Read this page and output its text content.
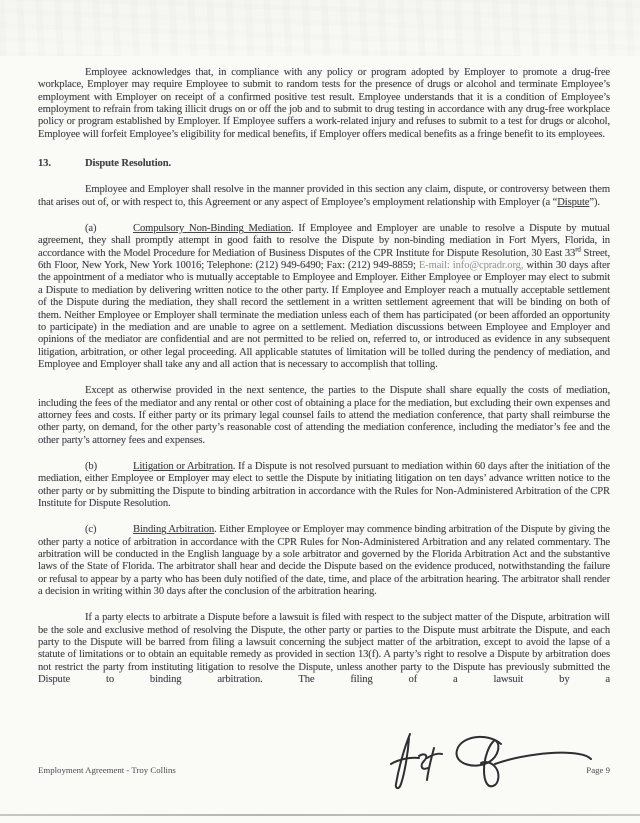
Employee acknowledges that, in compliance with any policy or program adopted by Employer to promote a drug-free workplace, Employer may require Employee to submit to random tests for the presence of drugs or alcohol and terminate Employee’s employment with Employer on receipt of a confirmed positive test result. Employee understands that it is a condition of Employee’s employment to refrain from taking illicit drugs on or off the job and to submit to drug testing in accordance with any drug-free workplace policy or program established by Employer. If Employee suffers a work-related injury and refuses to submit to a test for drugs or alcohol, Employee will forfeit Employee’s eligibility for medical benefits, if Employer offers medical benefits as a fringe benefit to its employees.

13.	Dispute Resolution.

Employee and Employer shall resolve in the manner provided in this section any claim, dispute, or controversy between them that arises out of, or with respect to, this Agreement or any aspect of Employee’s employment relationship with Employer (a “Dispute”).

(a)	Compulsory Non-Binding Mediation. If Employee and Employer are unable to resolve a Dispute by mutual agreement, they shall promptly attempt in good faith to resolve the Dispute by non-binding mediation in Fort Myers, Florida, in accordance with the Model Procedure for Mediation of Business Disputes of the CPR Institute for Dispute Resolution, 30 East 33rd Street, 6th Floor, New York, New York 10016; Telephone: (212) 949-6490; Fax: (212) 949-8859; E-mail: info@cpradr.org, within 30 days after the appointment of a mediator who is mutually acceptable to Employee and Employer. Either Employee or Employer may elect to submit a Dispute to mediation by delivering written notice to the other party. If Employee and Employer reach a mutually acceptable settlement of the Dispute during the mediation, they shall record the settlement in a written settlement agreement that will be binding on both of them. Neither Employee or Employer shall terminate the mediation unless each of them has participated (or been afforded an opportunity to participate) in the mediation and are unable to agree on a settlement. Mediation discussions between Employee and Employer and opinions of the mediator are confidential and are not permitted to be relied on, referred to, or introduced as evidence in any subsequent litigation, arbitration, or other legal proceeding. All applicable statutes of limitation will be tolled during the pendency of mediation, and Employee and Employer shall take any and all action that is necessary to accomplish that tolling.

Except as otherwise provided in the next sentence, the parties to the Dispute shall share equally the costs of mediation, including the fees of the mediator and any rental or other cost of obtaining a place for the mediation, but excluding their own expenses and attorney fees and costs. If either party or its primary legal counsel fails to attend the mediation conference, that party shall reimburse the other party, on demand, for the other party’s reasonable cost of attending the mediation conference, including the mediator’s fee and the other party’s attorney fees and expenses.

(b)	Litigation or Arbitration. If a Dispute is not resolved pursuant to mediation within 60 days after the initiation of the mediation, either Employee or Employer may elect to settle the Dispute by initiating litigation on ten days’ advance written notice to the other party or by submitting the Dispute to binding arbitration in accordance with the Rules for Non-Administered Arbitration of the CPR Institute for Dispute Resolution.

(c)	Binding Arbitration. Either Employee or Employer may commence binding arbitration of the Dispute by giving the other party a notice of arbitration in accordance with the CPR Rules for Non-Administered Arbitration and any related commentary. The arbitration will be conducted in the English language by a sole arbitrator and governed by the Florida Arbitration Act and the substantive laws of the State of Florida. The arbitrator shall hear and decide the Dispute based on the evidence produced, notwithstanding the failure or refusal to appear by a party who has been duly notified of the date, time, and place of the arbitration hearing. The arbitrator shall render a decision in writing within 30 days after the conclusion of the arbitration hearing.

If a party elects to arbitrate a Dispute before a lawsuit is filed with respect to the subject matter of the Dispute, arbitration will be the sole and exclusive method of resolving the Dispute, the other party or parties to the Dispute must arbitrate the Dispute, and each party to the Dispute will be barred from filing a lawsuit concerning the subject matter of the arbitration, except to avoid the lapse of a statute of limitations or to obtain an equitable remedy as provided in section 13(f). A party’s right to resolve a Dispute by arbitration does not restrict the party from instituting litigation to resolve the Dispute, unless another party to the Dispute has previously submitted the Dispute to binding arbitration. The filing of a lawsuit by a

Employment Agreement - Troy Collins	Page 9
